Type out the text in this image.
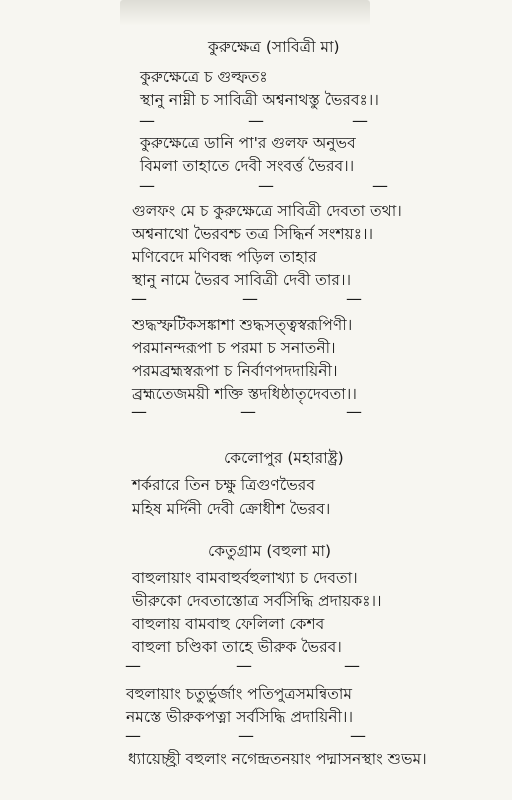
কুরুক্ষেত্র (সাবিত্রী মা)
কুরুক্ষেত্রে চ গুল্ফতঃ
স্থানু নাম্নী চ সাবিত্রী অশ্বনাথস্তু ভৈরবঃ।।
—	—	—
কুরুক্ষেত্রে ডানি পা'র গুলফ অনুভব
বিমলা তাহাতে দেবী সংবর্ত্ত ভৈরব।।
—	—	—
গুলফং মে চ কুরুক্ষেত্রে সাবিত্রী দেবতা তথা।
অশ্বনাথো ভৈরবশ্চ তত্র সিদ্ধির্ন সংশয়ঃ।।
মণিবেদে মণিবন্ধ পড়িল তাহার
স্থানু নামে ভৈরব সাবিত্রী দেবী তার।।
—	—	—
শুদ্ধস্ফটিকসঙ্কাশা শুদ্ধসত্ত্বস্বরূপিণী।
পরমানন্দরূপা চ পরমা চ সনাতনী।
পরমব্রহ্মস্বরূপা চ নির্বাণপদদায়িনী।
ব্রহ্মতেজময়ী শক্তি স্তদধিষ্ঠাতৃদেবতা।।
—	—	—
কেলোপুর (মহারাষ্ট্র)
শর্করারে তিন চক্ষু ত্রিগুণভৈরব
মহিষ মর্দিনী দেবী ক্রোধীশ ভৈরব।
কেতুগ্রাম (বহুলা মা)
বাহুলায়াং বামবাহুর্বহুলাখ্যা চ দেবতা।
ভীরুকো দেবতাস্তোত্র সর্বসিদ্ধি প্রদায়কঃ।।
বাহুলায় বামবাহু ফেলিলা কেশব
বাহুলা চণ্ডিকা তাহে ভীরুক ভৈরব।
—	—	—
বহুলায়াং চতুর্ভুর্জাং পতিপুত্রসমন্বিতাম
নমস্তে ভীরুকপত্না সর্বসিদ্ধি প্রদায়িনী।।
—	—	—
ধ্যায়েচ্ছ্রী বহুলাং নগেন্দ্রতনয়াং পদ্মাসনস্থাং শুভম।
